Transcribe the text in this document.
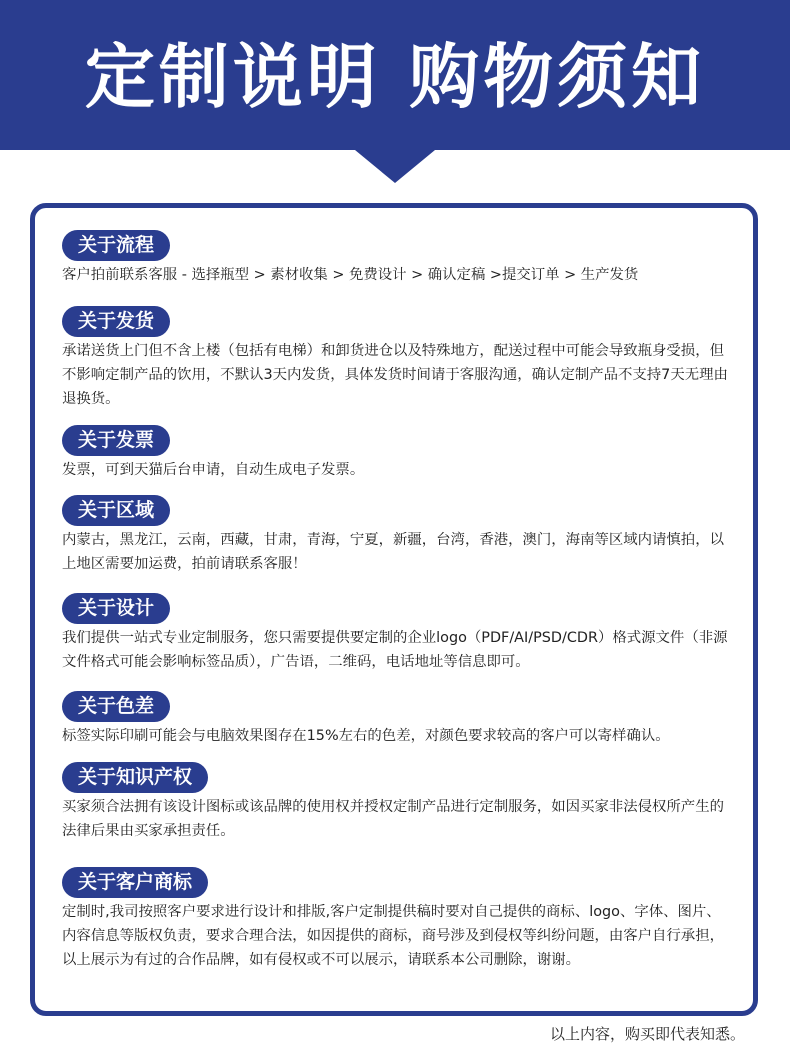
定制说明 购物须知
关于流程

客户拍前联系客服 - 选择瓶型 > 素材收集 > 免费设计 > 确认定稿 >提交订单 > 生产发货

关于发货

承诺送货上门但不含上楼（包括有电梯）和卸货进仓以及特殊地方，配送过程中可能会导致瓶身受损，但不影响定制产品的饮用，不默认3天内发货，具体发货时间请于客服沟通，确认定制产品不支持7天无理由退换货。

关于发票

发票，可到天猫后台申请，自动生成电子发票。

关于区域

内蒙古，黑龙江，云南，西藏，甘肃，青海，宁夏，新疆，台湾，香港，澳门，海南等区域内请慎拍，以上地区需要加运费，拍前请联系客服！

关于设计

我们提供一站式专业定制服务，您只需要提供要定制的企业logo（PDF/AI/PSD/CDR）格式源文件（非源文件格式可能会影响标签品质），广告语，二维码，电话地址等信息即可。

关于色差

标签实际印刷可能会与电脑效果图存在15%左右的色差，对颜色要求较高的客户可以寄样确认。

关于知识产权

买家须合法拥有该设计图标或该品牌的使用权并授权定制产品进行定制服务，如因买家非法侵权所产生的法律后果由买家承担责任。

关于客户商标

定制时,我司按照客户要求进行设计和排版,客户定制提供稿时要对自己提供的商标、logo、字体、图片、内容信息等版权负责，要求合理合法，如因提供的商标，商号涉及到侵权等纠纷问题，由客户自行承担，以上展示为有过的合作品牌，如有侵权或不可以展示，请联系本公司删除，谢谢。

以上内容，购买即代表知悉。
